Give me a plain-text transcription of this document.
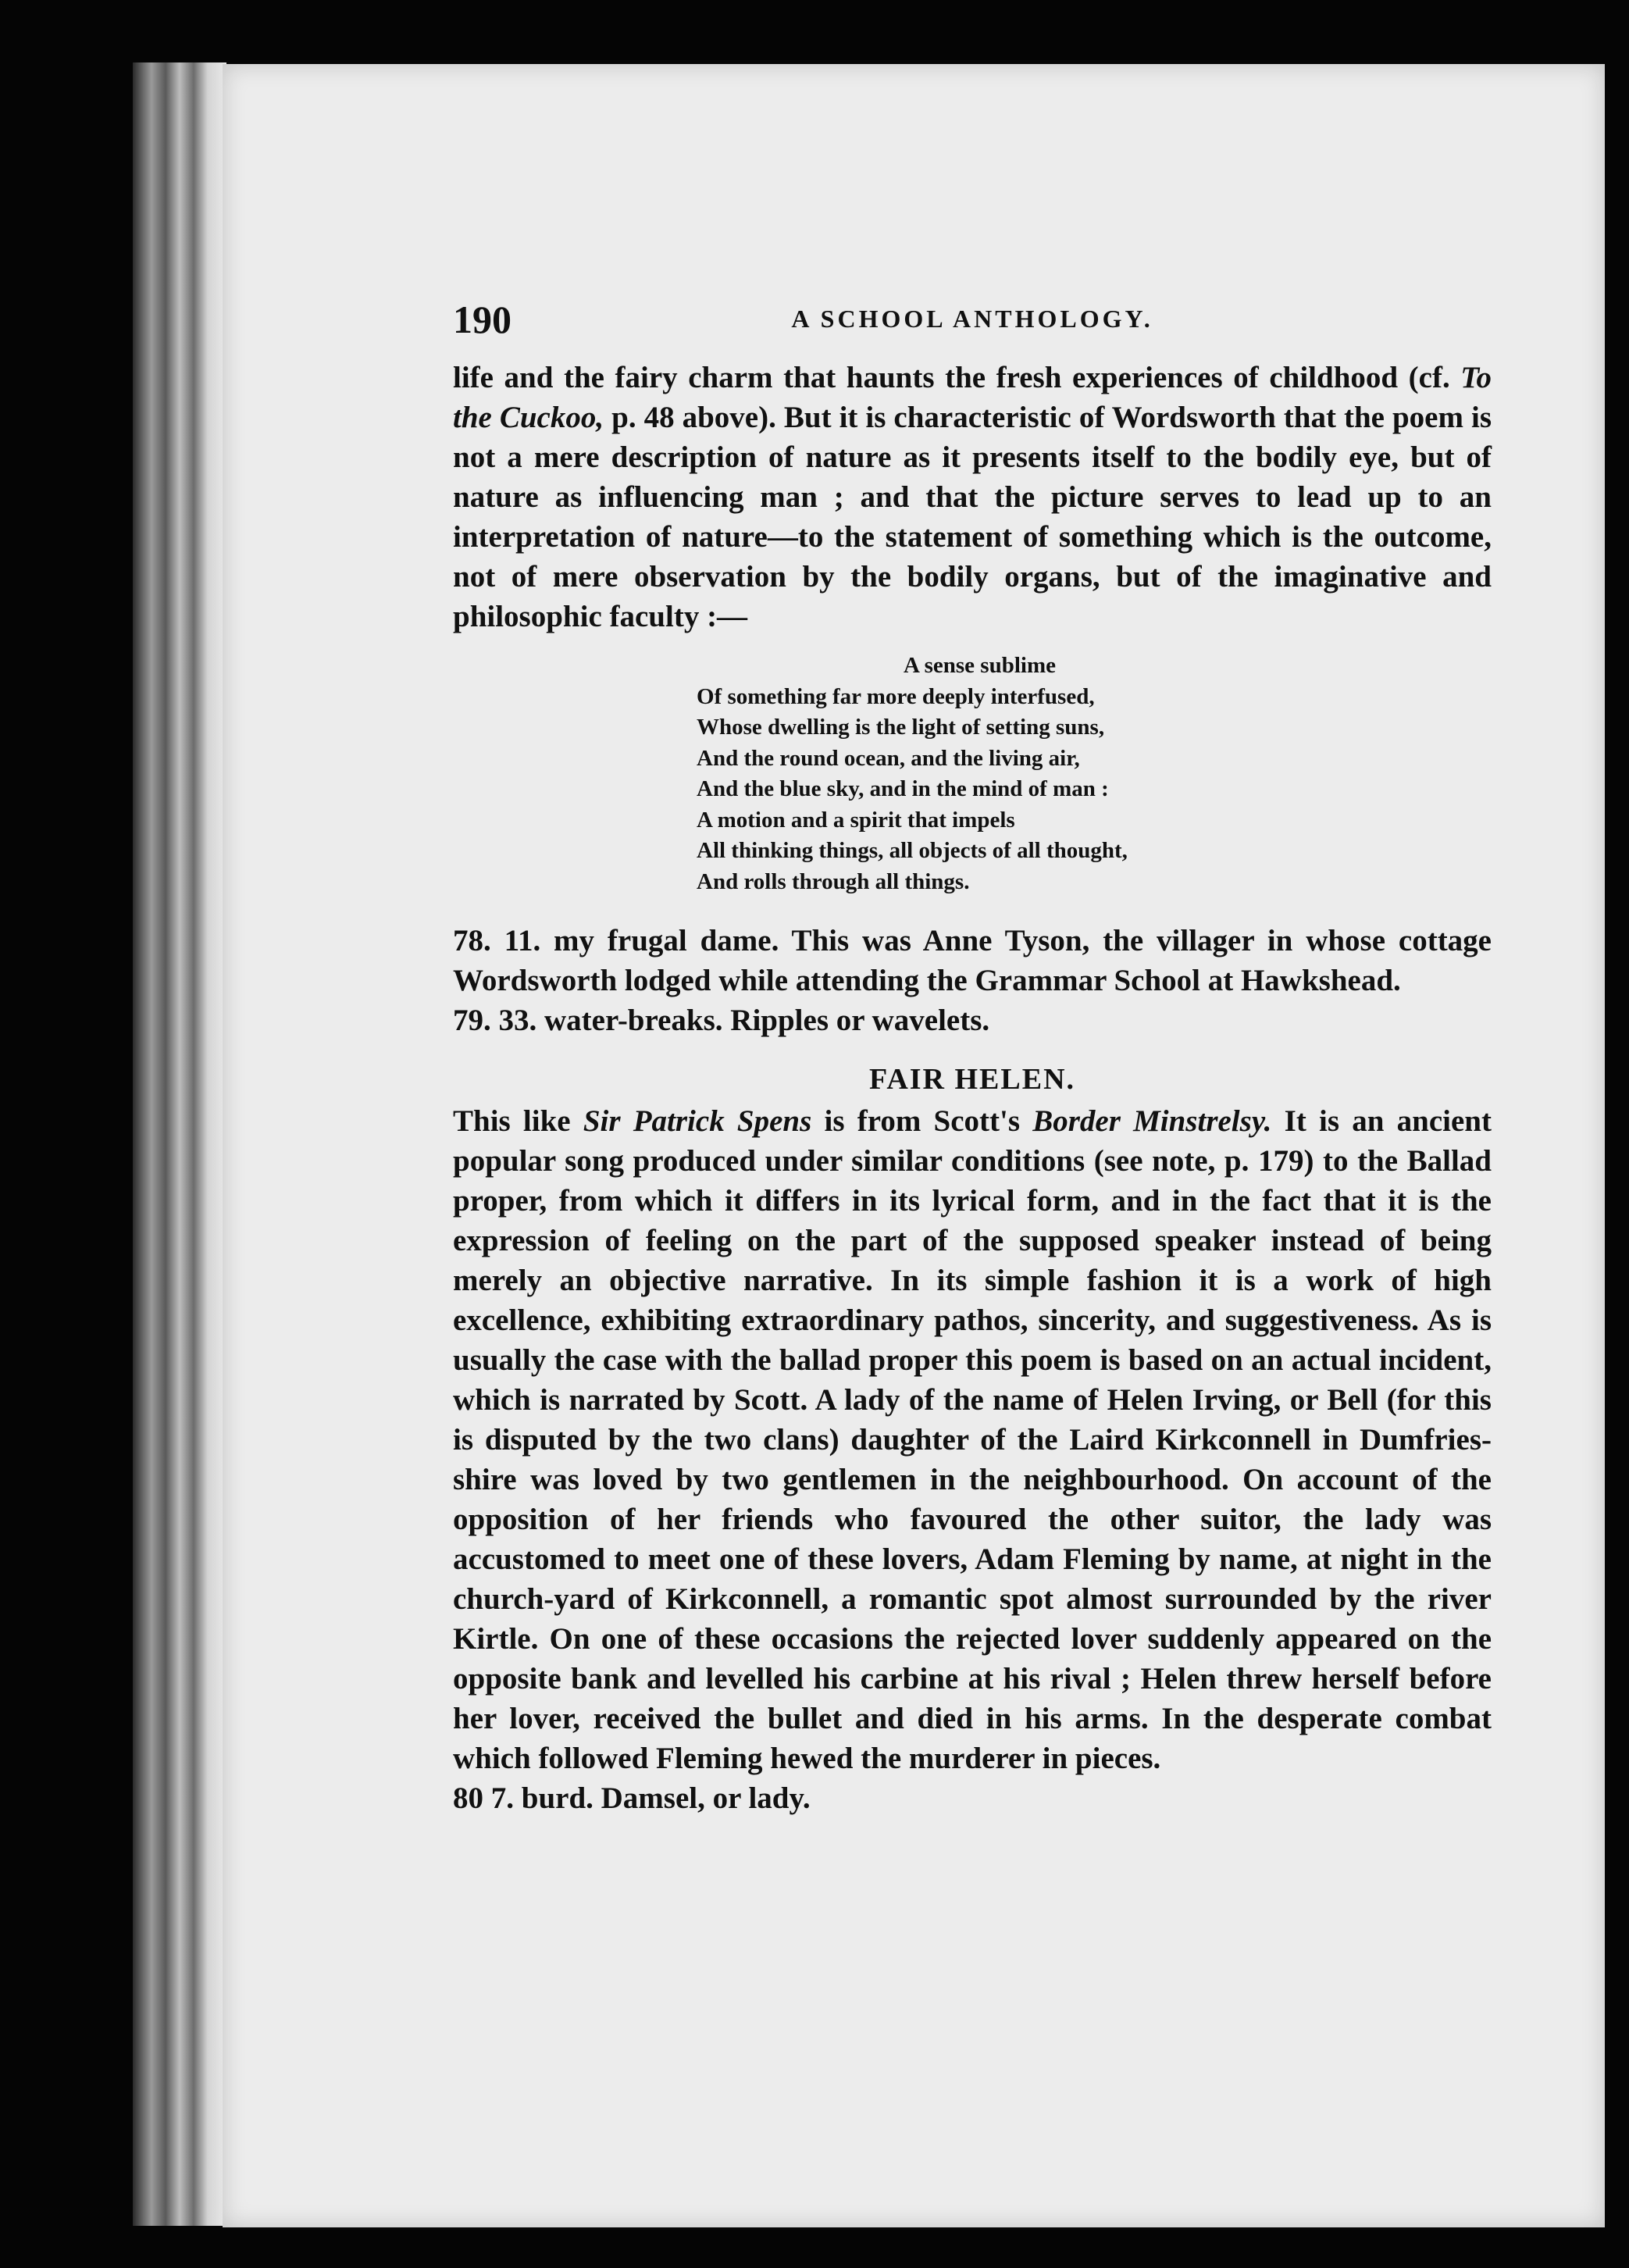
190	A SCHOOL ANTHOLOGY.

life and the fairy charm that haunts the fresh experiences of childhood (cf. To the Cuckoo, p. 48 above). But it is characteristic of Wordsworth that the poem is not a mere description of nature as it presents itself to the bodily eye, but of nature as influencing man ; and that the picture serves to lead up to an interpretation of nature—to the statement of something which is the outcome, not of mere observation by the bodily organs, but of the imaginative and philosophic faculty :—

A sense sublime
Of something far more deeply interfused,
Whose dwelling is the light of setting suns,
And the round ocean, and the living air,
And the blue sky, and in the mind of man :
A motion and a spirit that impels
All thinking things, all objects of all thought,
And rolls through all things.

78. 11. my frugal dame. This was Anne Tyson, the villager in whose cottage Wordsworth lodged while attending the Grammar School at Hawkshead.

79. 33. water-breaks. Ripples or wavelets.

FAIR HELEN.

This like Sir Patrick Spens is from Scott's Border Minstrelsy. It is an ancient popular song produced under similar conditions (see note, p. 179) to the Ballad proper, from which it differs in its lyrical form, and in the fact that it is the expression of feeling on the part of the supposed speaker instead of being merely an objective narrative. In its simple fashion it is a work of high excellence, exhibiting extraordinary pathos, sincerity, and suggestiveness. As is usually the case with the ballad proper this poem is based on an actual incident, which is narrated by Scott. A lady of the name of Helen Irving, or Bell (for this is disputed by the two clans) daughter of the Laird Kirkconnell in Dumfries-shire was loved by two gentlemen in the neighbourhood. On account of the opposition of her friends who favoured the other suitor, the lady was accustomed to meet one of these lovers, Adam Fleming by name, at night in the church-yard of Kirkconnell, a romantic spot almost surrounded by the river Kirtle. On one of these occasions the rejected lover suddenly appeared on the opposite bank and levelled his carbine at his rival ; Helen threw herself before her lover, received the bullet and died in his arms. In the desperate combat which followed Fleming hewed the murderer in pieces.

80 7. burd. Damsel, or lady.
